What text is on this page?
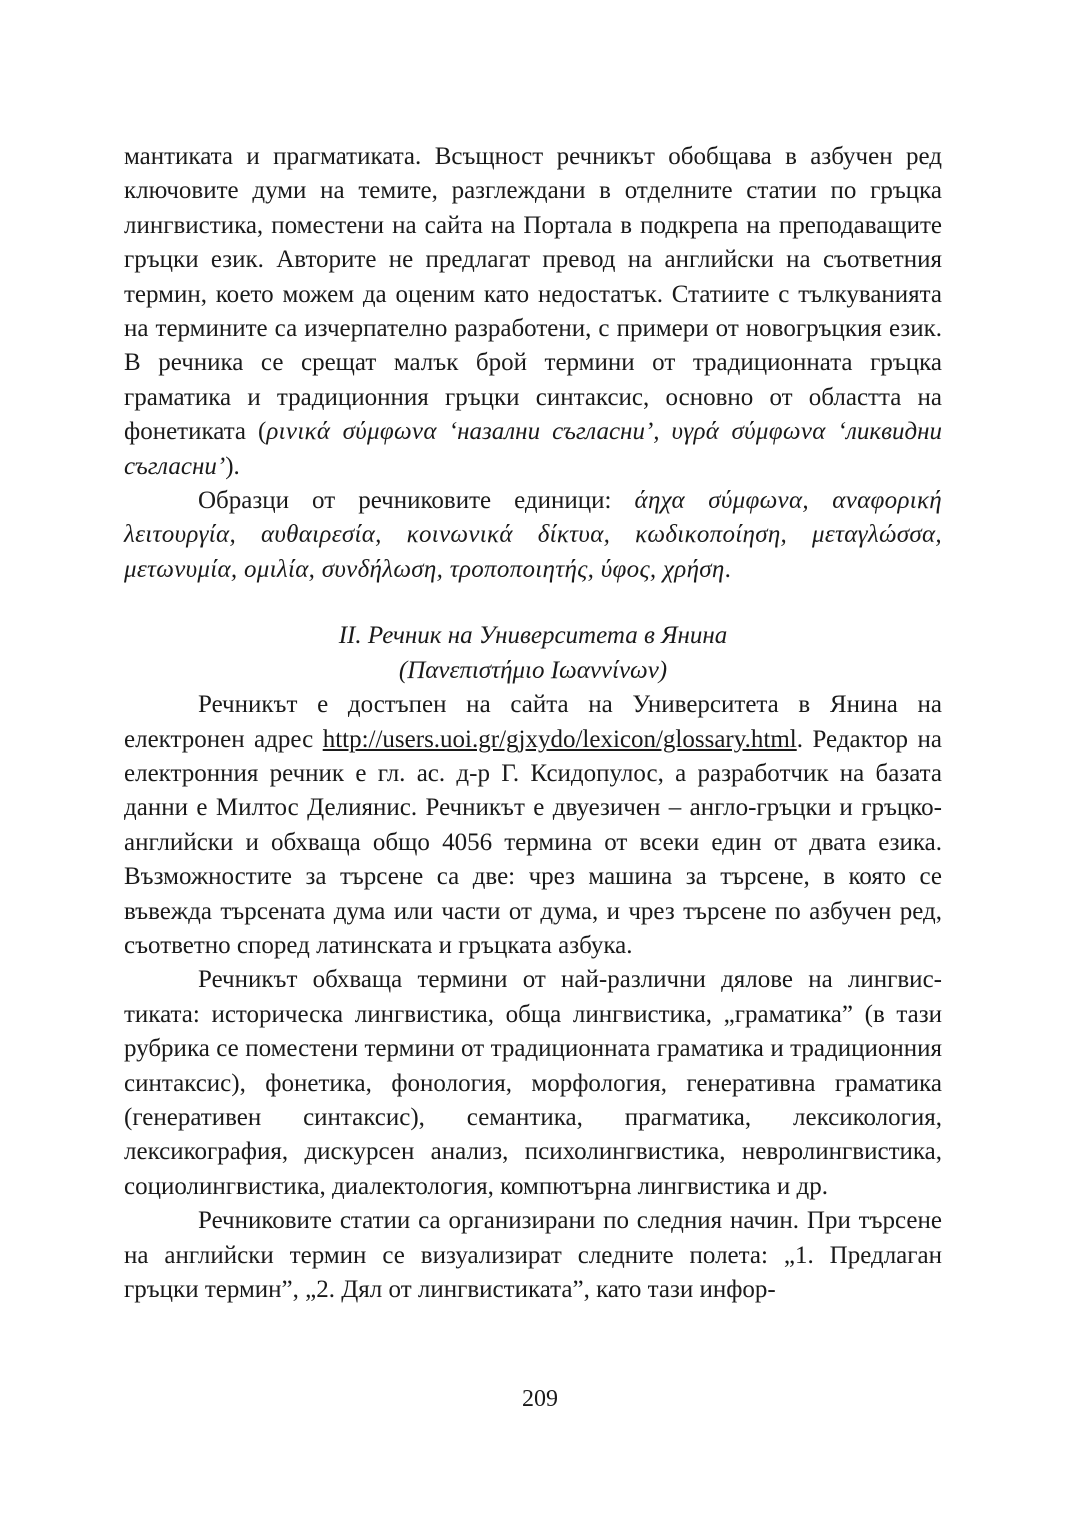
мантиката и прагматиката. Всъщност речникът обобщава в азбучен ред ключовите думи на темите, разглеждани в отделните статии по гръцка лингвистика, поместени на сайта на Портала в подкрепа на преподаващите гръцки език. Авторите не предлагат превод на английски на съответния термин, което можем да оценим като недостатък. Статиите с тълкуванията на термините са изчерпателно разработени, с примери от новогръцкия език. В речника се срещат малък брой термини от традиционната гръцка граматика и традиционния гръцки синтаксис, основно от областта на фонетиката (ρινικά σύμφωνα ‘назални съгласни’, υγρά σύμφωνα ‘ликвидни съгласни’).

Образци от речниковите единици: άηχα σύμφωνα, αναφορική λειτουργία, αυθαιρεσία, κοινωνικά δίκτυα, κωδικοποίηση, μεταγλώσσα, μετωνυμία, ομιλία, συνδήλωση, τροποποιητής, ύφος, χρήση.

II. Речник на Университета в Янина
(Πανεπιστήμιο Ιωαννίνων)

Речникът е достъпен на сайта на Университета в Янина на електронен адрес http://users.uoi.gr/gjxydo/lexicon/glossary.html. Редактор на електронния речник е гл. ас. д-р Г. Ксидопулос, а разработчик на базата данни е Милтос Делиянис. Речникът е двуезичен – англо-гръцки и гръцко-английски и обхваща общо 4056 термина от всеки един от двата езика. Възможностите за търсене са две: чрез машина за търсене, в която се въвежда търсената дума или части от дума, и чрез търсене по азбучен ред, съответно според латинската и гръцката азбука.

Речникът обхваща термини от най-различни дялове на лингвистиката: историческа лингвистика, обща лингвистика, „граматика” (в тази рубрика се поместени термини от традиционната граматика и традиционния синтаксис), фонетика, фонология, морфология, генеративна граматика (генеративен синтаксис), семантика, прагматика, лексикология, лексикография, дискурсен анализ, психолингвистика, невролингвистика, социолингвистика, диалектология, компютърна лингвистика и др.

Речниковите статии са организирани по следния начин. При търсене на английски термин се визуализират следните полета: „1. Предлаган гръцки термин”, „2. Дял от лингвистиката”, като тази инфор-

209
